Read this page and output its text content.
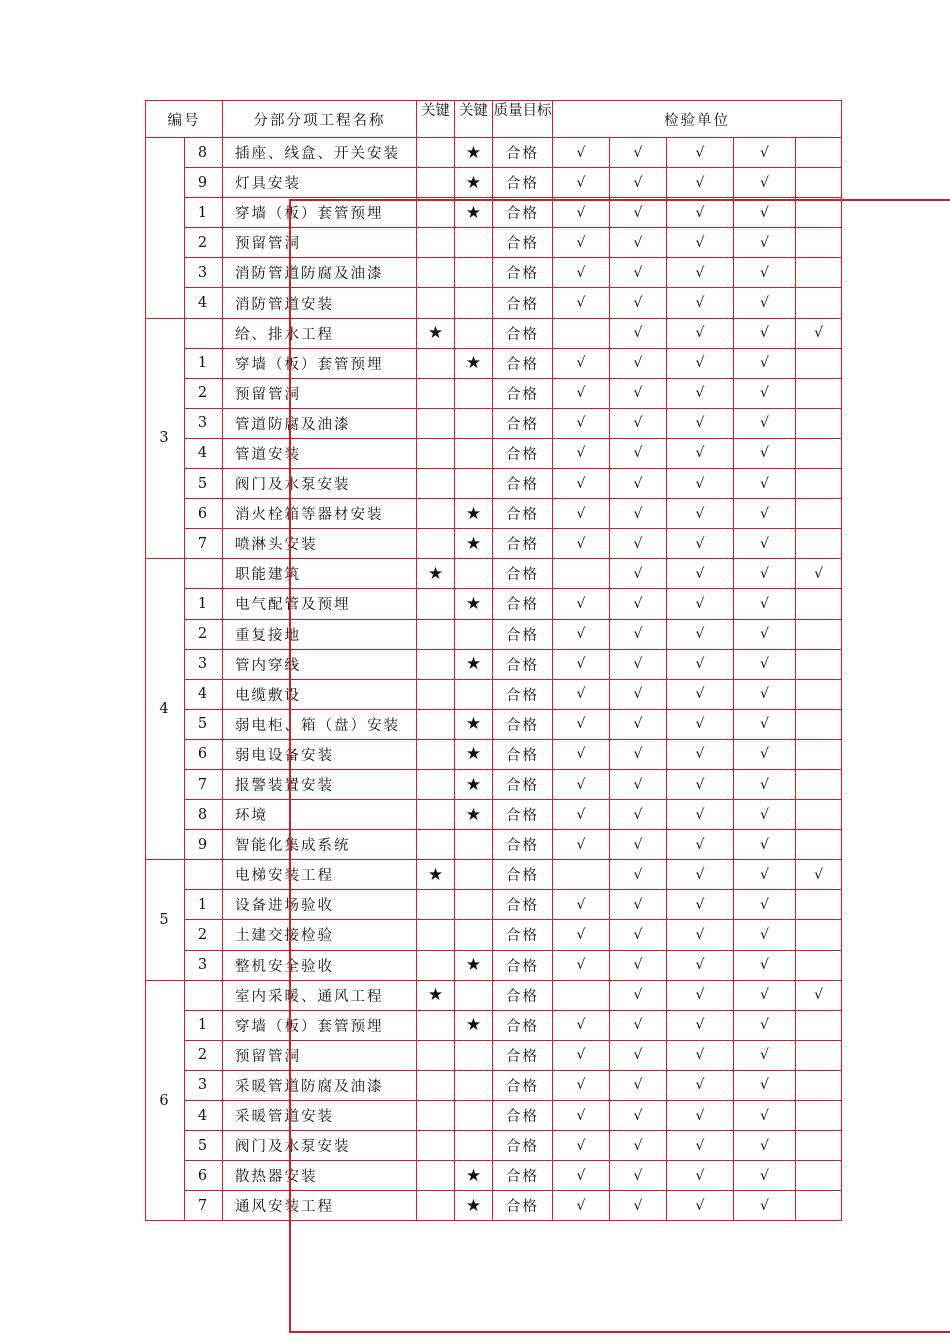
编号		分部分项工程名称	关键	关键	质量目标	检验单位				
	8	插座、线盒、开关安装		★	合格	√	√	√	√	
	9	灯具安装		★	合格	√	√	√	√	
	1	穿墙（板）套管预埋		★	合格	√	√	√	√	
	2	预留管洞			合格	√	√	√	√	
	3	消防管道防腐及油漆			合格	√	√	√	√	
	4	消防管道安装			合格	√	√	√	√	
3		给、排水工程	★		合格		√	√	√	√
	1	穿墙（板）套管预埋		★	合格	√	√	√	√	
	2	预留管洞			合格	√	√	√	√	
	3	管道防腐及油漆			合格	√	√	√	√	
	4	管道安装			合格	√	√	√	√	
	5	阀门及水泵安装			合格	√	√	√	√	
	6	消火栓箱等器材安装		★	合格	√	√	√	√	
	7	喷淋头安装		★	合格	√	√	√	√	
4		职能建筑	★		合格		√	√	√	√
	1	电气配管及预埋		★	合格	√	√	√	√	
	2	重复接地			合格	√	√	√	√	
	3	管内穿线		★	合格	√	√	√	√	
	4	电缆敷设			合格	√	√	√	√	
	5	弱电柜、箱（盘）安装		★	合格	√	√	√	√	
	6	弱电设备安装		★	合格	√	√	√	√	
	7	报警装置安装		★	合格	√	√	√	√	
	8	环境		★	合格	√	√	√	√	
	9	智能化集成系统			合格	√	√	√	√	
5		电梯安装工程	★		合格		√	√	√	√
	1	设备进场验收			合格	√	√	√	√	
	2	土建交接检验			合格	√	√	√	√	
	3	整机安全验收		★	合格	√	√	√	√	
6		室内采暖、通风工程	★		合格		√	√	√	√
	1	穿墙（板）套管预埋		★	合格	√	√	√	√	
	2	预留管洞			合格	√	√	√	√	
	3	采暖管道防腐及油漆			合格	√	√	√	√	
	4	采暖管道安装			合格	√	√	√	√	
	5	阀门及水泵安装			合格	√	√	√	√	
	6	散热器安装		★	合格	√	√	√	√	
	7	通风安装工程		★	合格	√	√	√	√	
